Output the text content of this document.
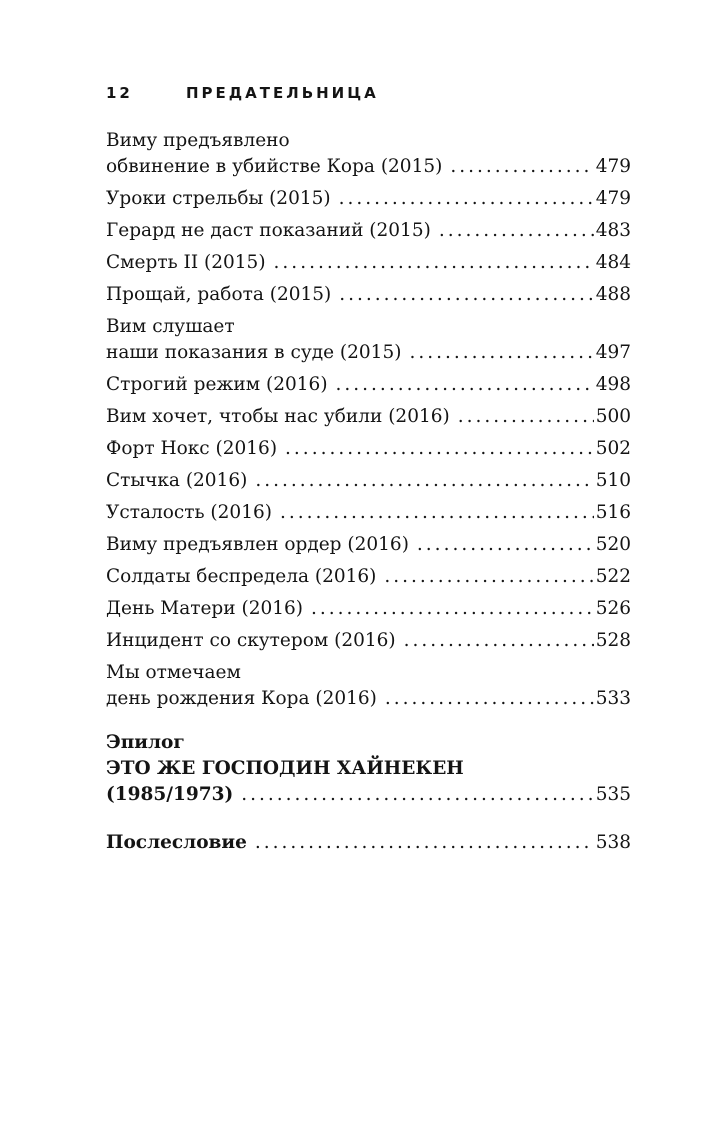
12	ПРЕДАТЕЛЬНИЦА
Виму предъявлено
обвинение в убийстве Кора (2015) .....	479
Уроки стрельбы (2015) .....	479
Герард не даст показаний (2015) .....	483
Смерть II (2015) .....	484
Прощай, работа (2015) .....	488
Вим слушает
наши показания в суде (2015) .....	497
Строгий режим (2016) .....	498
Вим хочет, чтобы нас убили (2016) .....	500
Форт Нокс (2016) .....	502
Стычка (2016) .....	510
Усталость (2016) .....	516
Виму предъявлен ордер (2016) .....	520
Солдаты беспредела (2016) .....	522
День Матери (2016) .....	526
Инцидент со скутером (2016) .....	528
Мы отмечаем
день рождения Кора (2016) .....	533
Эпилог
ЭТО ЖЕ ГОСПОДИН ХАЙНЕКЕН
(1985/1973) .....	535
Послесловие .....	538
